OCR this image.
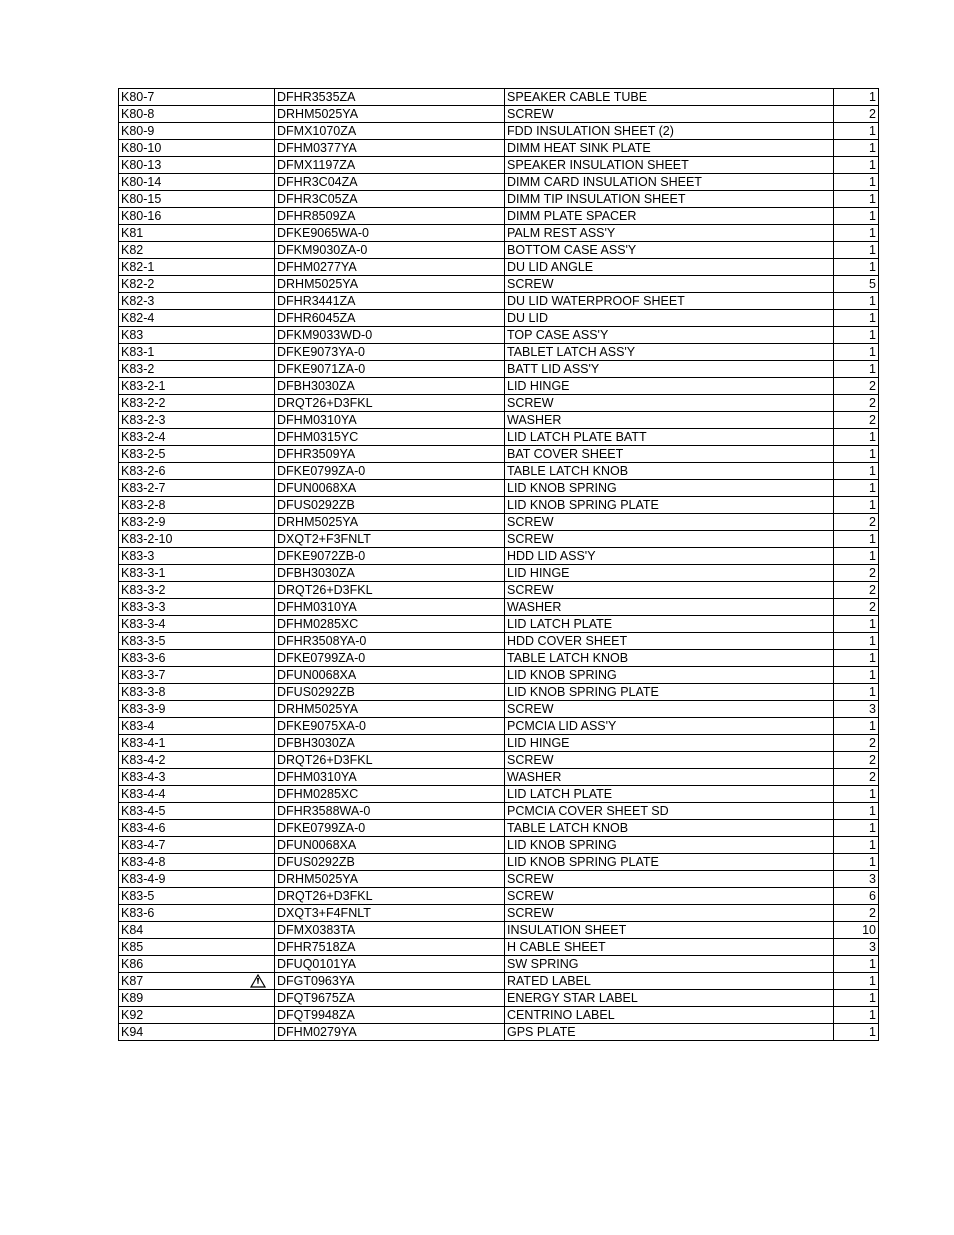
K80-7	DFHR3535ZA	SPEAKER CABLE TUBE	1
K80-8	DRHM5025YA	SCREW	2
K80-9	DFMX1070ZA	FDD INSULATION SHEET (2)	1
K80-10	DFHM0377YA	DIMM HEAT SINK PLATE	1
K80-13	DFMX1197ZA	SPEAKER INSULATION SHEET	1
K80-14	DFHR3C04ZA	DIMM CARD INSULATION SHEET	1
K80-15	DFHR3C05ZA	DIMM TIP INSULATION SHEET	1
K80-16	DFHR8509ZA	DIMM PLATE SPACER	1
K81	DFKE9065WA-0	PALM REST ASS'Y	1
K82	DFKM9030ZA-0	BOTTOM CASE ASS'Y	1
K82-1	DFHM0277YA	DU LID ANGLE	1
K82-2	DRHM5025YA	SCREW	5
K82-3	DFHR3441ZA	DU LID WATERPROOF SHEET	1
K82-4	DFHR6045ZA	DU LID	1
K83	DFKM9033WD-0	TOP CASE ASS'Y	1
K83-1	DFKE9073YA-0	TABLET LATCH ASS'Y	1
K83-2	DFKE9071ZA-0	BATT LID ASS'Y	1
K83-2-1	DFBH3030ZA	LID HINGE	2
K83-2-2	DRQT26+D3FKL	SCREW	2
K83-2-3	DFHM0310YA	WASHER	2
K83-2-4	DFHM0315YC	LID LATCH PLATE BATT	1
K83-2-5	DFHR3509YA	BAT COVER SHEET	1
K83-2-6	DFKE0799ZA-0	TABLE LATCH KNOB	1
K83-2-7	DFUN0068XA	LID KNOB SPRING	1
K83-2-8	DFUS0292ZB	LID KNOB SPRING PLATE	1
K83-2-9	DRHM5025YA	SCREW	2
K83-2-10	DXQT2+F3FNLT	SCREW	1
K83-3	DFKE9072ZB-0	HDD LID ASS'Y	1
K83-3-1	DFBH3030ZA	LID HINGE	2
K83-3-2	DRQT26+D3FKL	SCREW	2
K83-3-3	DFHM0310YA	WASHER	2
K83-3-4	DFHM0285XC	LID LATCH PLATE	1
K83-3-5	DFHR3508YA-0	HDD COVER SHEET	1
K83-3-6	DFKE0799ZA-0	TABLE LATCH KNOB	1
K83-3-7	DFUN0068XA	LID KNOB SPRING	1
K83-3-8	DFUS0292ZB	LID KNOB SPRING PLATE	1
K83-3-9	DRHM5025YA	SCREW	3
K83-4	DFKE9075XA-0	PCMCIA LID ASS'Y	1
K83-4-1	DFBH3030ZA	LID HINGE	2
K83-4-2	DRQT26+D3FKL	SCREW	2
K83-4-3	DFHM0310YA	WASHER	2
K83-4-4	DFHM0285XC	LID LATCH PLATE	1
K83-4-5	DFHR3588WA-0	PCMCIA COVER SHEET SD	1
K83-4-6	DFKE0799ZA-0	TABLE LATCH KNOB	1
K83-4-7	DFUN0068XA	LID KNOB SPRING	1
K83-4-8	DFUS0292ZB	LID KNOB SPRING PLATE	1
K83-4-9	DRHM5025YA	SCREW	3
K83-5	DRQT26+D3FKL	SCREW	6
K83-6	DXQT3+F4FNLT	SCREW	2
K84	DFMX0383TA	INSULATION SHEET	10
K85	DFHR7518ZA	H CABLE SHEET	3
K86	DFUQ0101YA	SW SPRING	1
K87	DFGT0963YA	RATED LABEL	1
K89	DFQT9675ZA	ENERGY STAR LABEL	1
K92	DFQT9948ZA	CENTRINO LABEL	1
K94	DFHM0279YA	GPS PLATE	1
